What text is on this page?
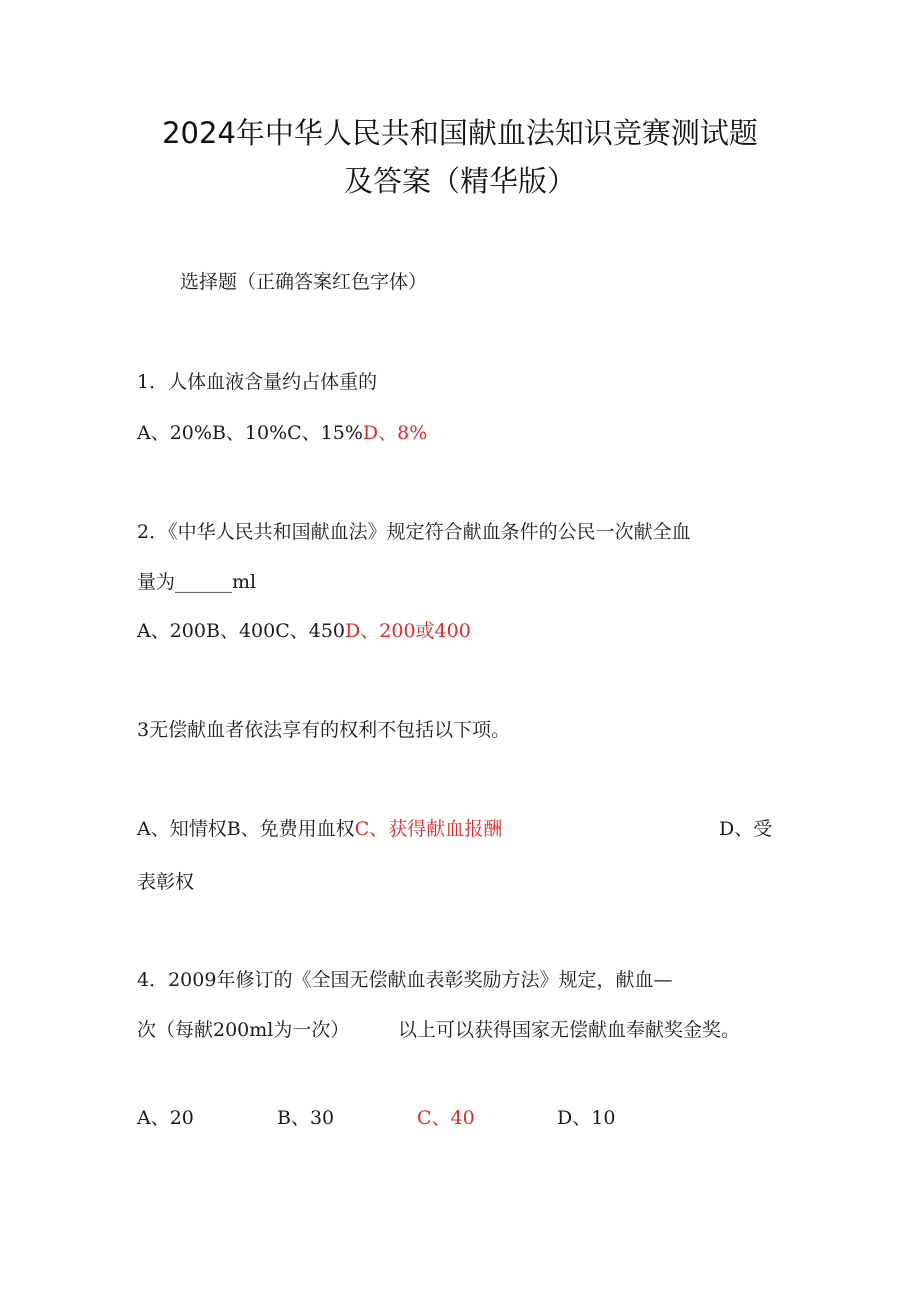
2024年中华人民共和国献血法知识竞赛测试题
及答案（精华版）
选择题（正确答案红色字体）
1．人体血液含量约占体重的
A、20%B、10%C、15%D、8%
2．《中华人民共和国献血法》规定符合献血条件的公民一次献全血
量为______ml
A、200B、400C、450D、200或400
3无偿献血者依法享有的权利不包括以下项。
A、知情权B、免费用血权C、获得献血报酬	D、受
表彰权
4．2009年修订的《全国无偿献血表彰奖励方法》规定，献血—
次（每献200ml为一次）	以上可以获得国家无偿献血奉献奖金奖。
A、20	B、30	C、40	D、10
